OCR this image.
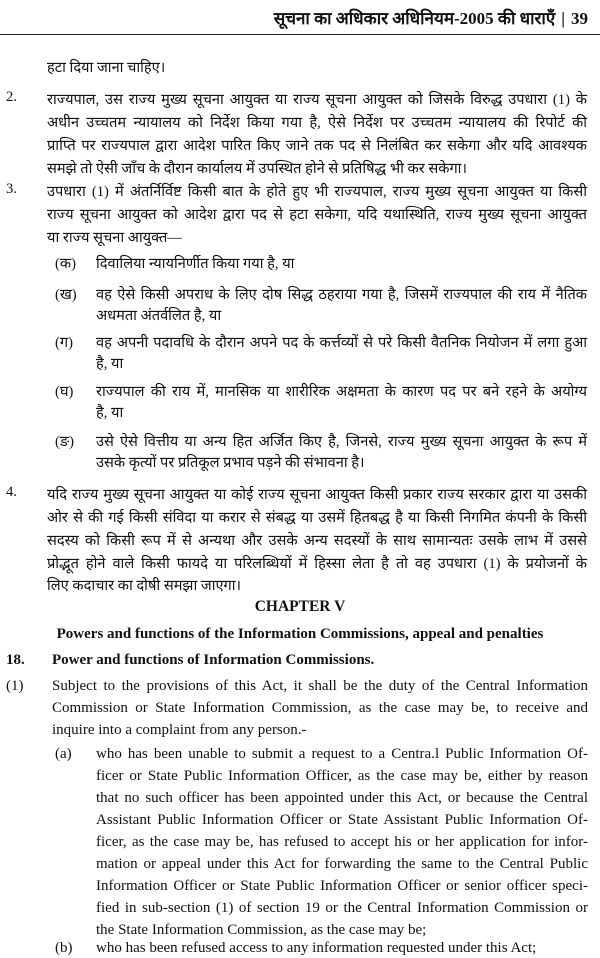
सूचना का अधिकार अधिनियम-2005 की धाराएँ | 39
हटा दिया जाना चाहिए।
2. राज्यपाल, उस राज्य मुख्य सूचना आयुक्त या राज्य सूचना आयुक्त को जिसके विरुद्ध उपधारा (1) के
अधीन उच्चतम न्यायालय को निर्देश किया गया है, ऐसे निर्देश पर उच्चतम न्यायालय की रिपोर्ट की
प्राप्ति पर राज्यपाल द्वारा आदेश पारित किए जाने तक पद से निलंबित कर सकेगा और यदि आवश्यक
समझे तो ऐसी जाँच के दौरान कार्यालय में उपस्थित होने से प्रतिषिद्ध भी कर सकेगा।
3. उपधारा (1) में अंतर्निर्विष्ट किसी बात के होते हुए भी राज्यपाल, राज्य मुख्य सूचना आयुक्त या किसी
राज्य सूचना आयुक्त को आदेश द्वारा पद से हटा सकेगा, यदि यथास्थिति, राज्य मुख्य सूचना आयुक्त
या राज्य सूचना आयुक्त—
(क) दिवालिया न्यायनिर्णीत किया गया है, या
(ख) वह ऐसे किसी अपराध के लिए दोष सिद्ध ठहराया गया है, जिसमें राज्यपाल की राय में नैतिक
अधमता अंतर्वलित है, या
(ग) वह अपनी पदावधि के दौरान अपने पद के कर्त्तव्यों से परे किसी वैतनिक नियोजन में लगा हुआ
है, या
(घ) राज्यपाल की राय में, मानसिक या शारीरिक अक्षमता के कारण पद पर बने रहने के अयोग्य
है, या
(ङ) उसे ऐसे वित्तीय या अन्य हित अर्जित किए है, जिनसे, राज्य मुख्य सूचना आयुक्त के रूप में
उसके कृत्यों पर प्रतिकूल प्रभाव पड़ने की संभावना है।
4. यदि राज्य मुख्य सूचना आयुक्त या कोई राज्य सूचना आयुक्त किसी प्रकार राज्य सरकार द्वारा या उसकी
ओर से की गई किसी संविदा या करार से संबद्ध या उसमें हितबद्ध है या किसी निगमित कंपनी के किसी
सदस्य को किसी रूप में से अन्यथा और उसके अन्य सदस्यों के साथ सामान्यतः उसके लाभ में उससे
प्रोद्भूत होने वाले किसी फायदे या परिलब्धियों में हिस्सा लेता है तो वह उपधारा (1) के प्रयोजनों के
लिए कदाचार का दोषी समझा जाएगा।
CHAPTER V
Powers and functions of the Information Commissions, appeal and penalties
18. Power and functions of Information Commissions.
(1) Subject to the provisions of this Act, it shall be the duty of the Central Information
Commission or State Information Commission, as the case may be, to receive and
inquire into a complaint from any person.-
(a) who has been unable to submit a request to a Centra.l Public Information Of-
ficer or State Public Information Officer, as the case may be, either by reason
that no such officer has been appointed under this Act, or because the Central
Assistant Public Information Officer or State Assistant Public Information Of-
ficer, as the case may be, has refused to accept his or her application for infor-
mation or appeal under this Act for forwarding the same to the Central Public
Information Officer or State Public Information Officer or senior officer speci-
fied in sub-section (1) of section 19 or the Central Information Commission or
the State Information Commission, as the case may be;
(b) who has been refused access to any information requested under this Act;
